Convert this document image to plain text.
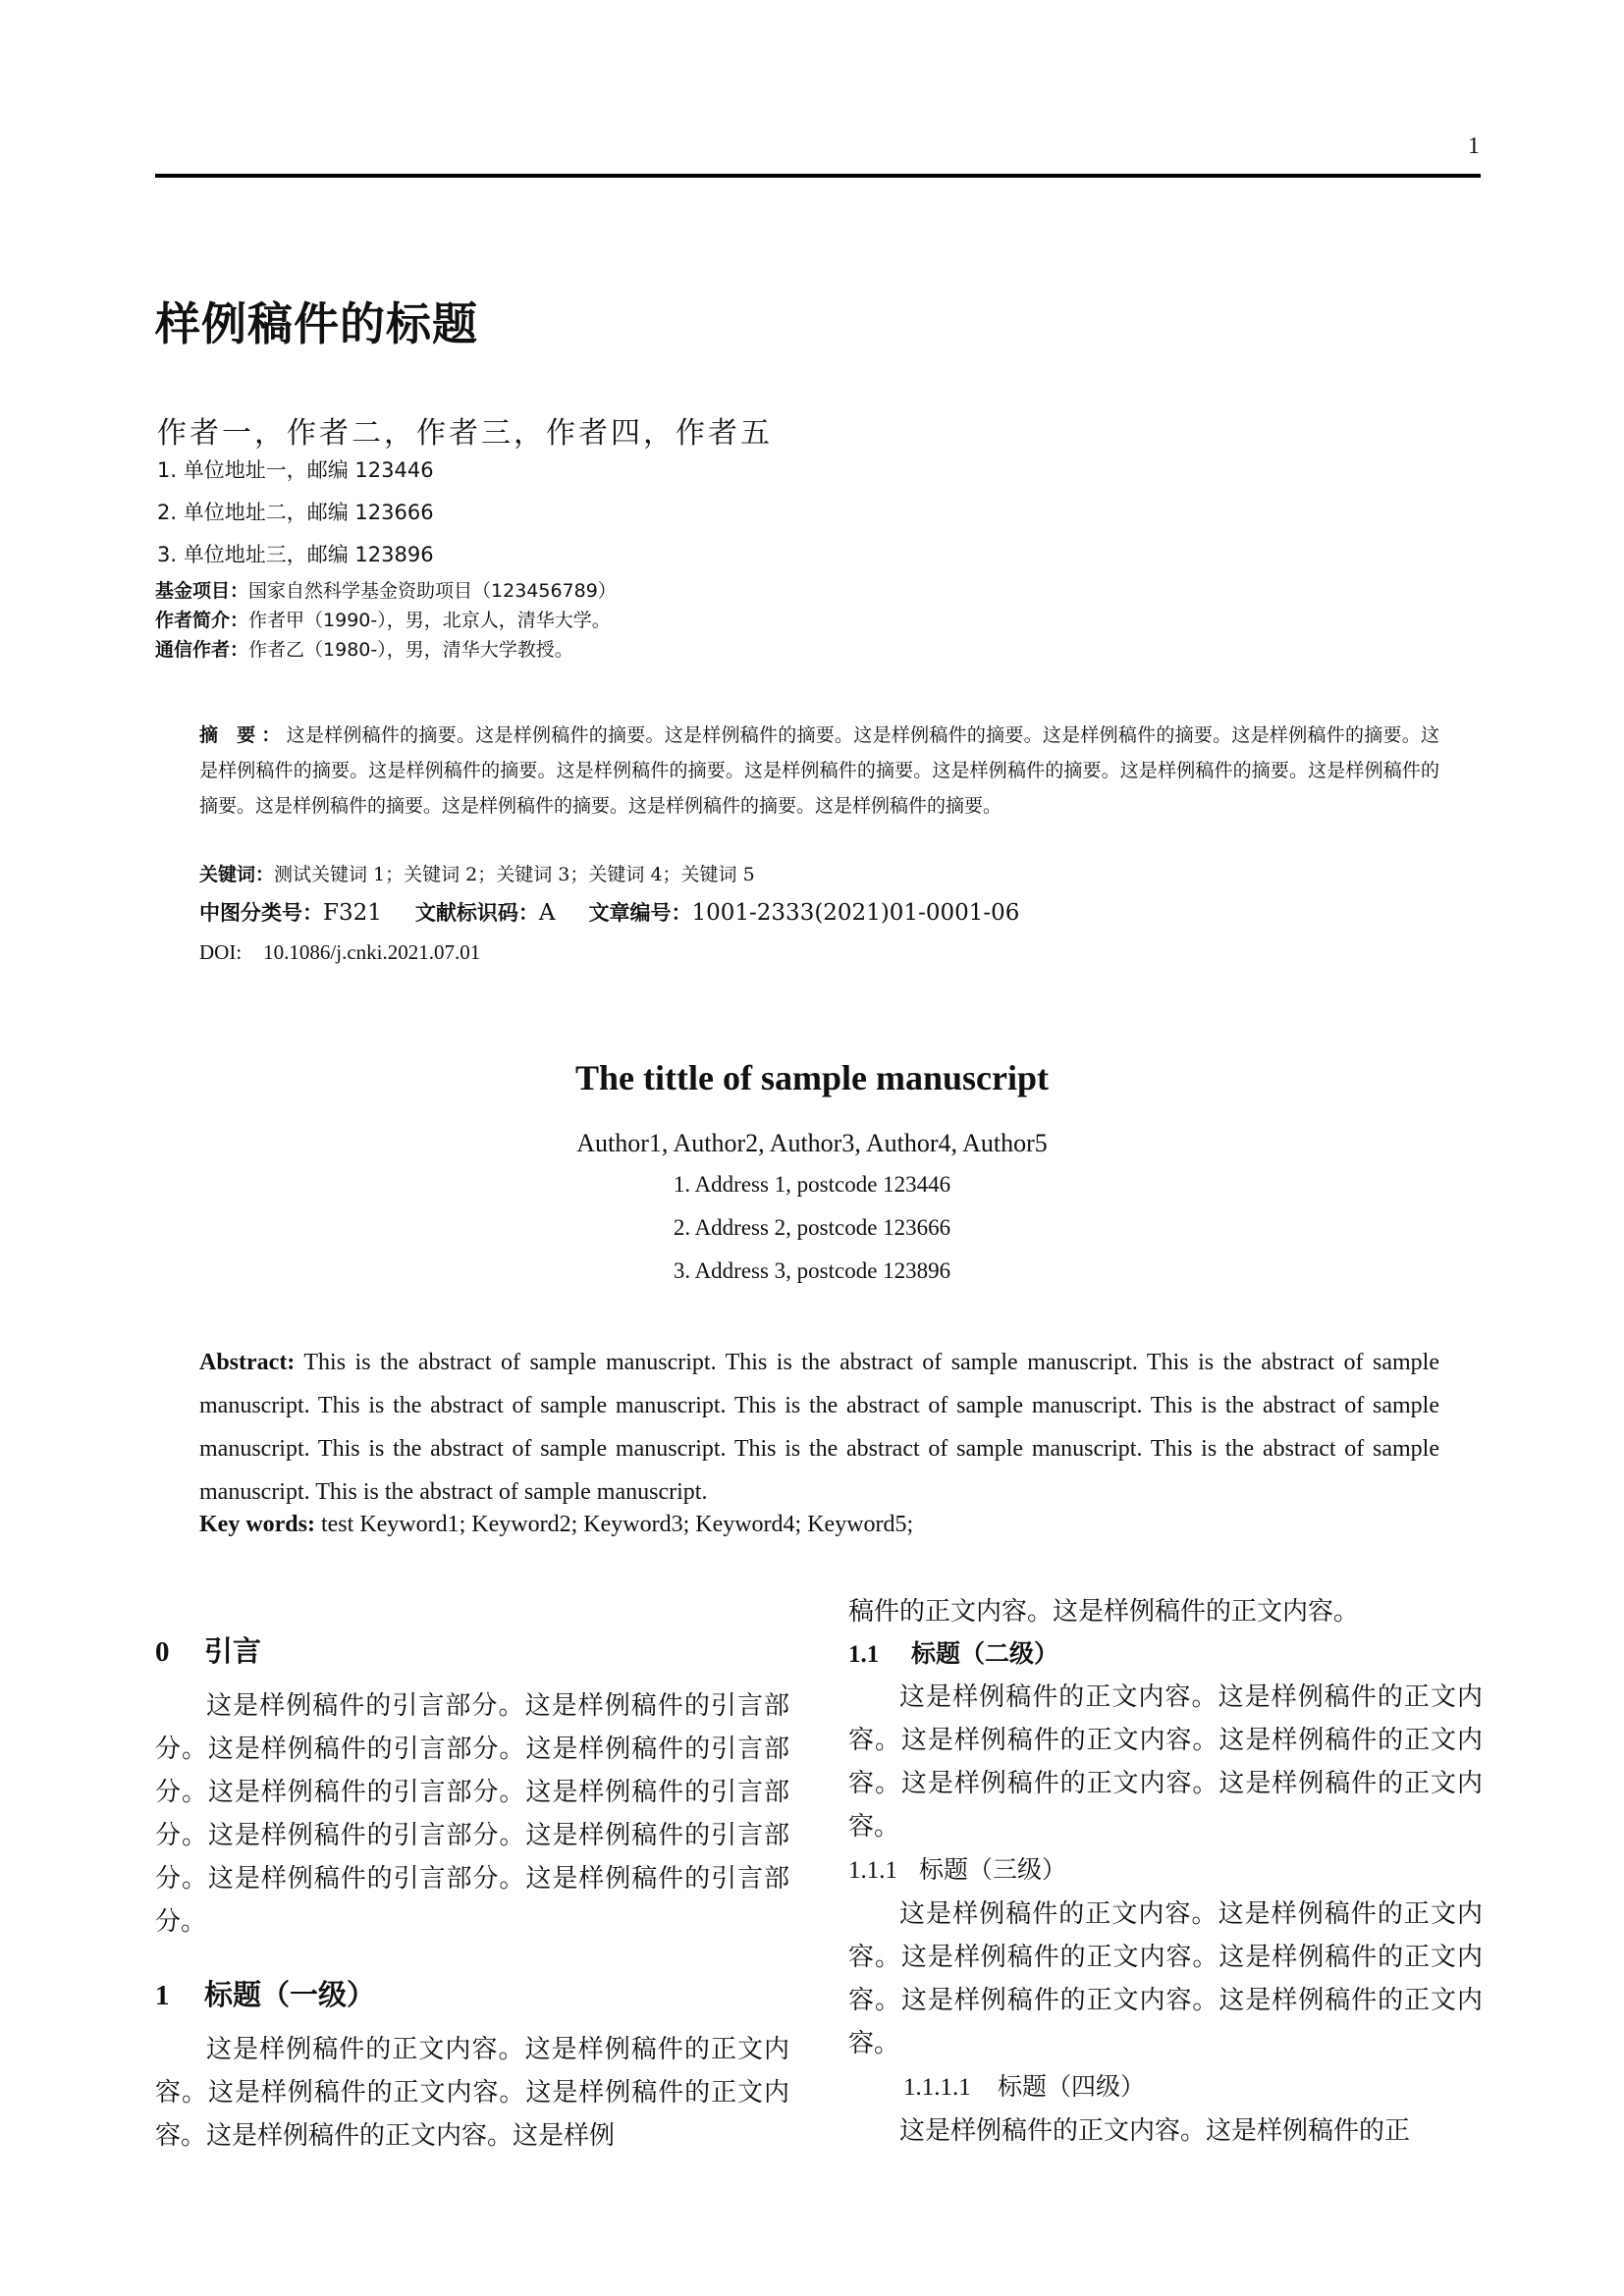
1
样例稿件的标题
作者一，作者二，作者三，作者四，作者五
1. 单位地址一，邮编 123446
2. 单位地址二，邮编 123666
3. 单位地址三，邮编 123896
基金项目：国家自然科学基金资助项目（123456789）
作者简介：作者甲（1990-），男，北京人，清华大学。
通信作者：作者乙（1980-），男，清华大学教授。
摘 要：这是样例稿件的摘要。这是样例稿件的摘要。这是样例稿件的摘要。这是样例稿件的摘要。这是样例稿件的摘要。这是样例稿件的摘要。这是样例稿件的摘要。这是样例稿件的摘要。这是样例稿件的摘要。这是样例稿件的摘要。这是样例稿件的摘要。这是样例稿件的摘要。这是样例稿件的摘要。这是样例稿件的摘要。这是样例稿件的摘要。这是样例稿件的摘要。这是样例稿件的摘要。
关键词：测试关键词 1；关键词 2；关键词 3；关键词 4；关键词 5
中图分类号：F321 文献标识码：A 文章编号：1001-2333(2021)01-0001-06
DOI: 10.1086/j.cnki.2021.07.01
The tittle of sample manuscript
Author1, Author2, Author3, Author4, Author5
1. Address 1, postcode 123446
2. Address 2, postcode 123666
3. Address 3, postcode 123896
Abstract: This is the abstract of sample manuscript. This is the abstract of sample manuscript. This is the abstract of sample manuscript. This is the abstract of sample manuscript. This is the abstract of sample manuscript. This is the abstract of sample manuscript. This is the abstract of sample manuscript. This is the abstract of sample manuscript. This is the abstract of sample manuscript. This is the abstract of sample manuscript.
Key words: test Keyword1; Keyword2; Keyword3; Keyword4; Keyword5;
0 引言

这是样例稿件的引言部分。这是样例稿件的引言部分。这是样例稿件的引言部分。这是样例稿件的引言部分。这是样例稿件的引言部分。这是样例稿件的引言部分。这是样例稿件的引言部分。这是样例稿件的引言部分。这是样例稿件的引言部分。这是样例稿件的引言部分。

1 标题（一级）

这是样例稿件的正文内容。这是样例稿件的正文内容。这是样例稿件的正文内容。这是样例稿件的正文内容。这是样例稿件的正文内容。这是样例

稿件的正文内容。这是样例稿件的正文内容。

1.1 标题（二级）

这是样例稿件的正文内容。这是样例稿件的正文内容。这是样例稿件的正文内容。这是样例稿件的正文内容。这是样例稿件的正文内容。这是样例稿件的正文内容。

1.1.1 标题（三级）

这是样例稿件的正文内容。这是样例稿件的正文内容。这是样例稿件的正文内容。这是样例稿件的正文内容。这是样例稿件的正文内容。这是样例稿件的正文内容。

1.1.1.1 标题（四级）

这是样例稿件的正文内容。这是样例稿件的正
